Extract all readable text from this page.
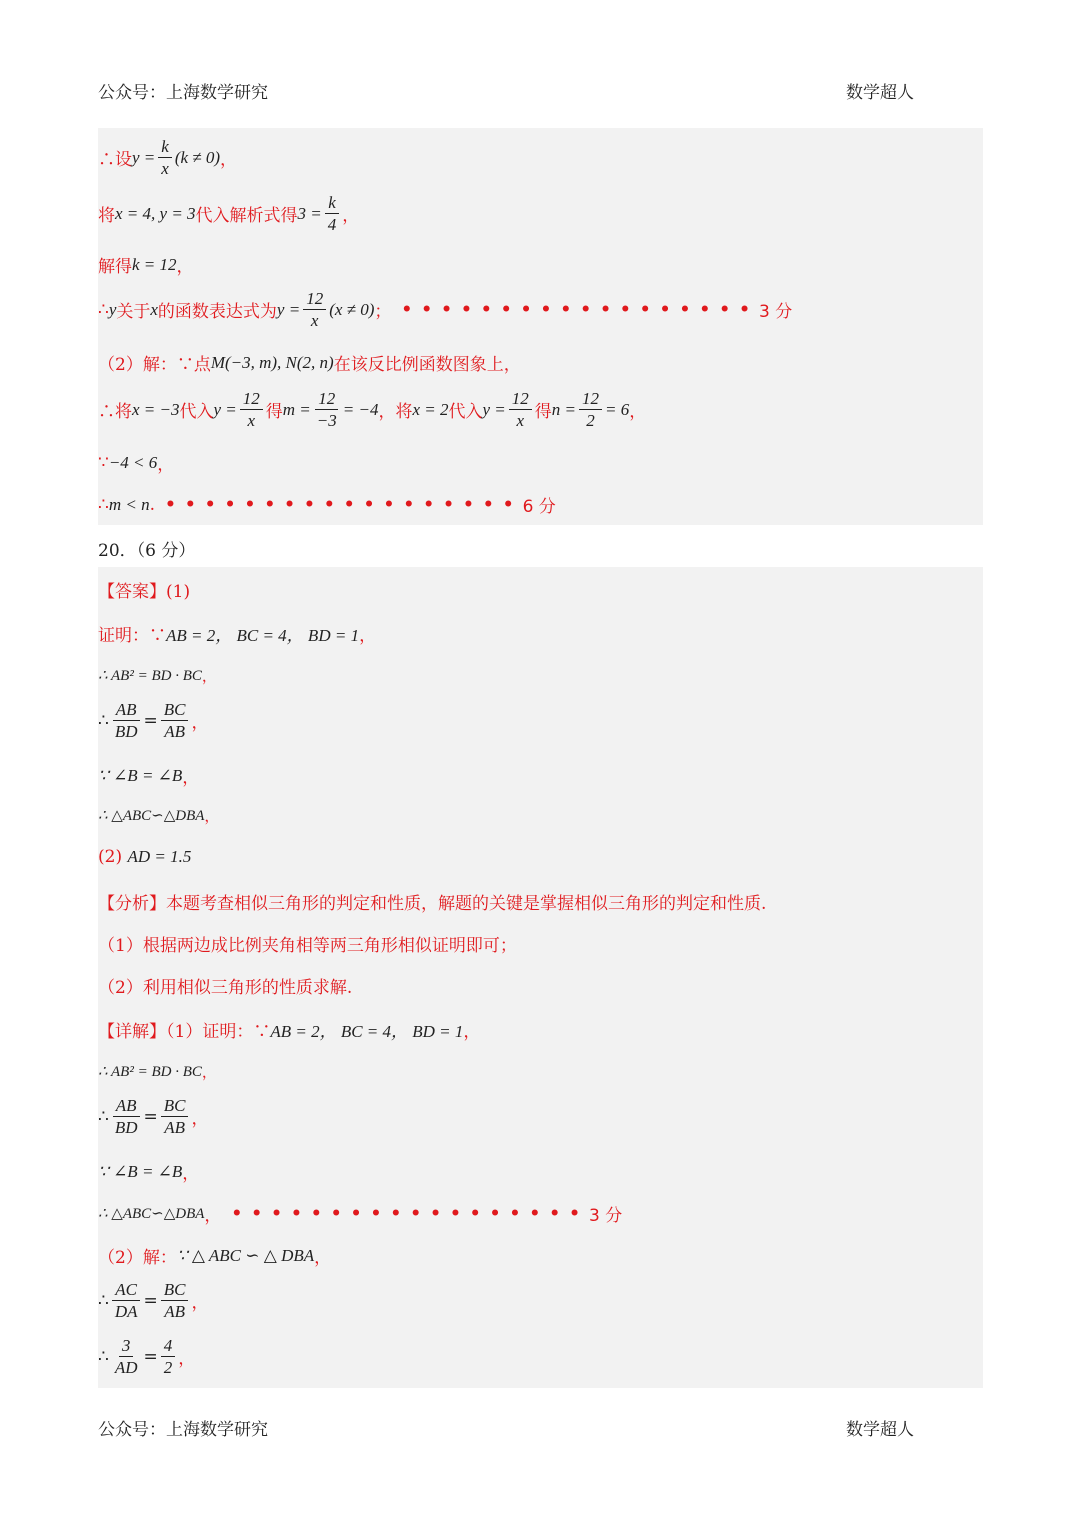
公众号：上海数学研究	数学超人
∴设 $y = \frac{k}{x} (k \ne 0)$ ，
将 x = 4, y = 3 代入解析式得 $3 = \frac{k}{4}$ ，
解得 k = 12 ，
∴ y 关于 x 的函数表达式为 $y = \frac{12}{x} (x \ne 0)$ ； •••••••••••••••••• 3 分
（2）解：∵点 M(−3, m), N(2, n) 在该反比例函数图象上，
∴将 x = −3 代入 $y = \frac{12}{x}$ 得 $m = \frac{12}{-3} = -4$ ，将 x = 2 代入 $y = \frac{12}{x}$ 得 $n = \frac{12}{2} = 6$ ，
∵ −4 < 6 ，
∴ m < n . •••••••••••••••••• 6 分
20．（6 分）
【答案】(1)
证明：∵ AB = 2， BC = 4， BD = 1 ，
∴ AB² = BD · BC ，
∴ $\frac{AB}{BD} = \frac{BC}{AB}$ ，
∵ ∠B = ∠B ，
∴ △ABC∽△DBA ，
(2)
AD = 1.5
【分析】本题考查相似三角形的判定和性质，解题的关键是掌握相似三角形的判定和性质.
（1）根据两边成比例夹角相等两三角形相似证明即可；
（2）利用相似三角形的性质求解.
【详解】（1）证明：∵ AB = 2， BC = 4， BD = 1 ，
∴ AB² = BD · BC ，
∴ $\frac{AB}{BD} = \frac{BC}{AB}$ ，
∵ ∠B = ∠B ，
∴ △ABC∽△DBA ， •••••••••••••••••• 3 分
（2）解： ∵ △ ABC ∽ △ DBA ，
∴ $\frac{AC}{DA} = \frac{BC}{AB}$ ，
∴ $\frac{3}{AD} = \frac{4}{2}$ ，
公众号：上海数学研究	数学超人
